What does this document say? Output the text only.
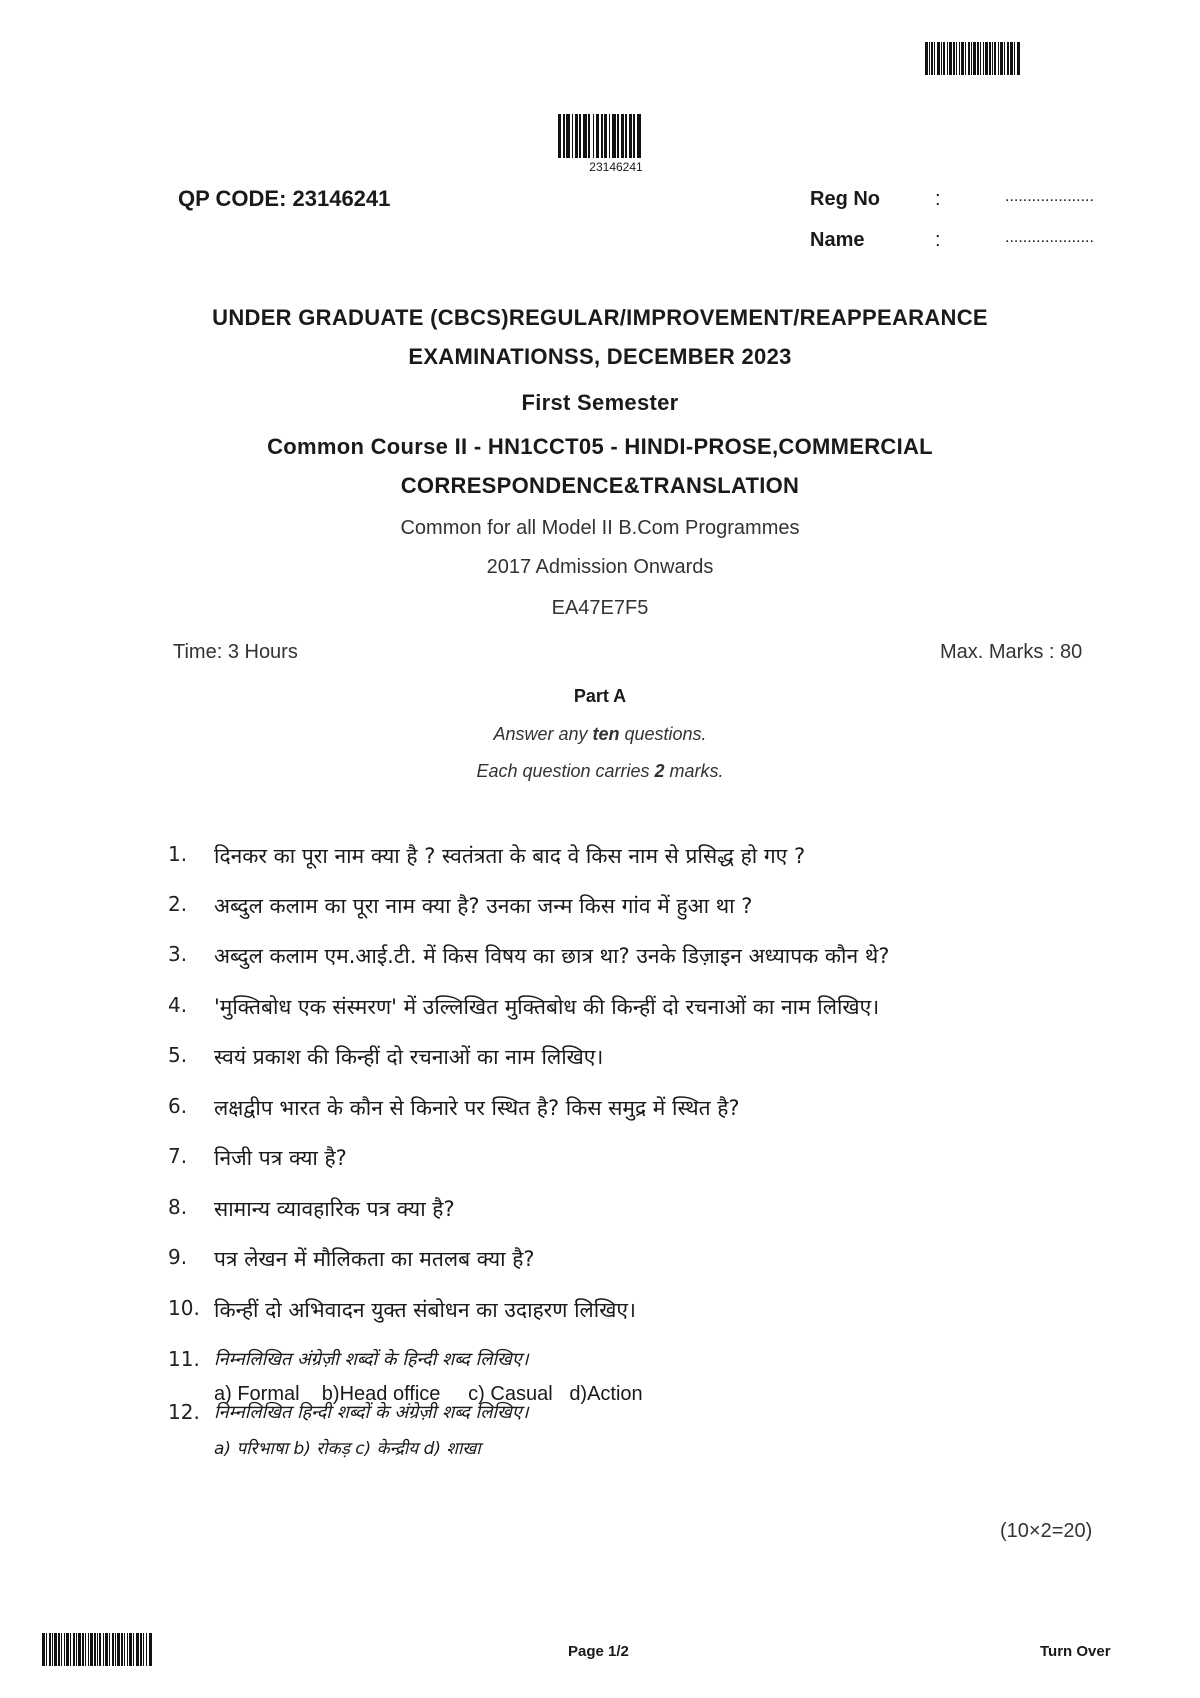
23146241
QP CODE: 23146241	Reg No	:	....................
Name	:	....................
UNDER GRADUATE (CBCS)REGULAR/IMPROVEMENT/REAPPEARANCE
EXAMINATIONSS, DECEMBER 2023
First Semester
Common Course II - HN1CCT05 - HINDI-PROSE,COMMERCIAL
CORRESPONDENCE&TRANSLATION
Common for all Model II B.Com Programmes
2017 Admission Onwards
EA47E7F5
Time: 3 Hours	Max. Marks : 80
Part A
Answer any ten questions.
Each question carries 2 marks.
1.	दिनकर का पूरा नाम क्या है ? स्वतंत्रता के बाद वे किस नाम से प्रसिद्ध हो गए ?
2.	अब्दुल कलाम का पूरा नाम क्या है? उनका जन्म किस गांव में हुआ था ?
3.	अब्दुल कलाम एम.आई.टी. में किस विषय का छात्र था? उनके डिज़ाइन अध्यापक कौन थे?
4.	'मुक्तिबोध एक संस्मरण' में उल्लिखित मुक्तिबोध की किन्हीं दो रचनाओं का नाम लिखिए।
5.	स्वयं प्रकाश की किन्हीं दो रचनाओं का नाम लिखिए।
6.	लक्षद्वीप भारत के कौन से किनारे पर स्थित है? किस समुद्र में स्थित है?
7.	निजी पत्र क्या है?
8.	सामान्य व्यावहारिक पत्र क्या है?
9.	पत्र लेखन में मौलिकता का मतलब क्या है?
10. किन्हीं दो अभिवादन युक्त संबोधन का उदाहरण लिखिए।
11. निम्नलिखित अंग्रेज़ी शब्दों के हिन्दी शब्द लिखिए।
a) Formal    b)Head office     c) Casual   d)Action
12. निम्नलिखित हिन्दी शब्दों के अंग्रेज़ी शब्द लिखिए।
a) परिभाषा b) रोकड़ c) केन्द्रीय d) शाखा
(10×2=20)
Page 1/2	Turn Over
